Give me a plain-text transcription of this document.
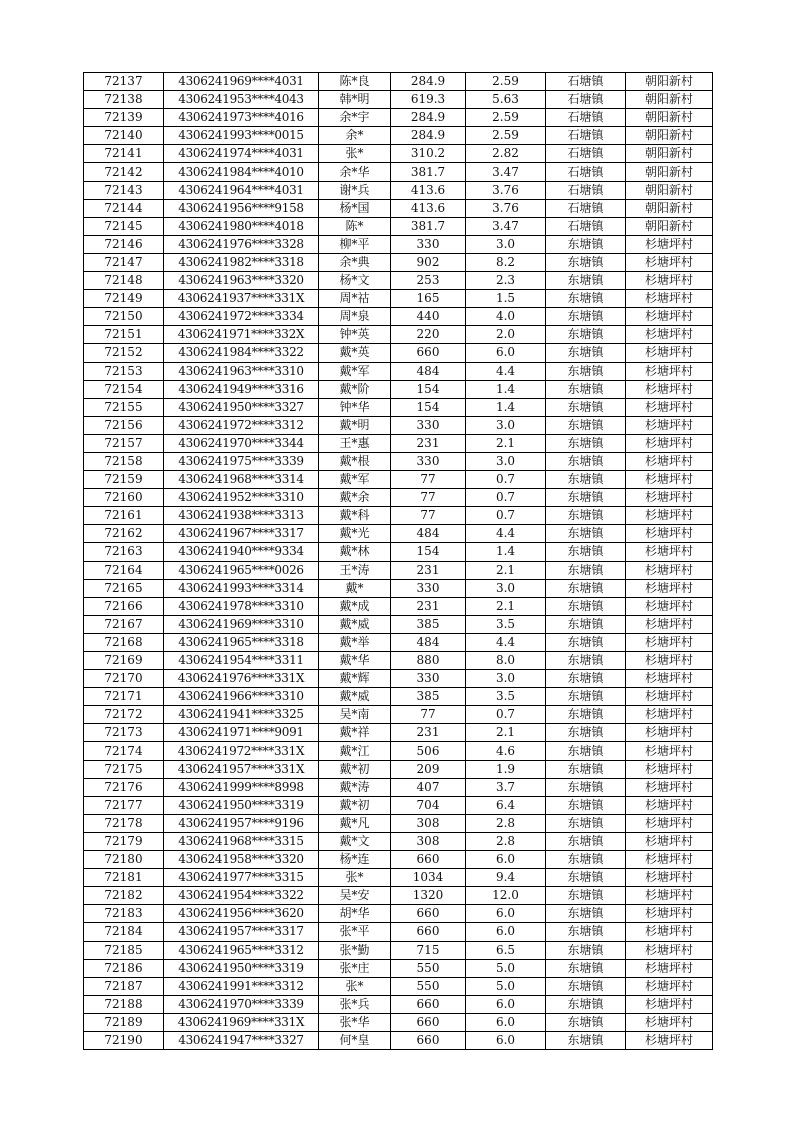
72137	4306241969****4031	陈*良	284.9	2.59	石塘镇	朝阳新村
72138	4306241953****4043	韩*明	619.3	5.63	石塘镇	朝阳新村
72139	4306241973****4016	余*宇	284.9	2.59	石塘镇	朝阳新村
72140	4306241993****0015	余*	284.9	2.59	石塘镇	朝阳新村
72141	4306241974****4031	张*	310.2	2.82	石塘镇	朝阳新村
72142	4306241984****4010	余*华	381.7	3.47	石塘镇	朝阳新村
72143	4306241964****4031	谢*兵	413.6	3.76	石塘镇	朝阳新村
72144	4306241956****9158	杨*国	413.6	3.76	石塘镇	朝阳新村
72145	4306241980****4018	陈*	381.7	3.47	石塘镇	朝阳新村
72146	4306241976****3328	柳*平	330	3.0	东塘镇	杉塘坪村
72147	4306241982****3318	余*典	902	8.2	东塘镇	杉塘坪村
72148	4306241963****3320	杨*文	253	2.3	东塘镇	杉塘坪村
72149	4306241937****331X	周*祜	165	1.5	东塘镇	杉塘坪村
72150	4306241972****3334	周*泉	440	4.0	东塘镇	杉塘坪村
72151	4306241971****332X	钟*英	220	2.0	东塘镇	杉塘坪村
72152	4306241984****3322	戴*英	660	6.0	东塘镇	杉塘坪村
72153	4306241963****3310	戴*军	484	4.4	东塘镇	杉塘坪村
72154	4306241949****3316	戴*阶	154	1.4	东塘镇	杉塘坪村
72155	4306241950****3327	钟*华	154	1.4	东塘镇	杉塘坪村
72156	4306241972****3312	戴*明	330	3.0	东塘镇	杉塘坪村
72157	4306241970****3344	王*惠	231	2.1	东塘镇	杉塘坪村
72158	4306241975****3339	戴*根	330	3.0	东塘镇	杉塘坪村
72159	4306241968****3314	戴*军	77	0.7	东塘镇	杉塘坪村
72160	4306241952****3310	戴*余	77	0.7	东塘镇	杉塘坪村
72161	4306241938****3313	戴*科	77	0.7	东塘镇	杉塘坪村
72162	4306241967****3317	戴*光	484	4.4	东塘镇	杉塘坪村
72163	4306241940****9334	戴*林	154	1.4	东塘镇	杉塘坪村
72164	4306241965****0026	王*涛	231	2.1	东塘镇	杉塘坪村
72165	4306241993****3314	戴*	330	3.0	东塘镇	杉塘坪村
72166	4306241978****3310	戴*成	231	2.1	东塘镇	杉塘坪村
72167	4306241969****3310	戴*威	385	3.5	东塘镇	杉塘坪村
72168	4306241965****3318	戴*举	484	4.4	东塘镇	杉塘坪村
72169	4306241954****3311	戴*华	880	8.0	东塘镇	杉塘坪村
72170	4306241976****331X	戴*辉	330	3.0	东塘镇	杉塘坪村
72171	4306241966****3310	戴*威	385	3.5	东塘镇	杉塘坪村
72172	4306241941****3325	吴*南	77	0.7	东塘镇	杉塘坪村
72173	4306241971****9091	戴*祥	231	2.1	东塘镇	杉塘坪村
72174	4306241972****331X	戴*江	506	4.6	东塘镇	杉塘坪村
72175	4306241957****331X	戴*初	209	1.9	东塘镇	杉塘坪村
72176	4306241999****8998	戴*涛	407	3.7	东塘镇	杉塘坪村
72177	4306241950****3319	戴*初	704	6.4	东塘镇	杉塘坪村
72178	4306241957****9196	戴*凡	308	2.8	东塘镇	杉塘坪村
72179	4306241968****3315	戴*文	308	2.8	东塘镇	杉塘坪村
72180	4306241958****3320	杨*连	660	6.0	东塘镇	杉塘坪村
72181	4306241977****3315	张*	1034	9.4	东塘镇	杉塘坪村
72182	4306241954****3322	吴*安	1320	12.0	东塘镇	杉塘坪村
72183	4306241956****3620	胡*华	660	6.0	东塘镇	杉塘坪村
72184	4306241957****3317	张*平	660	6.0	东塘镇	杉塘坪村
72185	4306241965****3312	张*勤	715	6.5	东塘镇	杉塘坪村
72186	4306241950****3319	张*庄	550	5.0	东塘镇	杉塘坪村
72187	4306241991****3312	张*	550	5.0	东塘镇	杉塘坪村
72188	4306241970****3339	张*兵	660	6.0	东塘镇	杉塘坪村
72189	4306241969****331X	张*华	660	6.0	东塘镇	杉塘坪村
72190	4306241947****3327	何*皇	660	6.0	东塘镇	杉塘坪村
